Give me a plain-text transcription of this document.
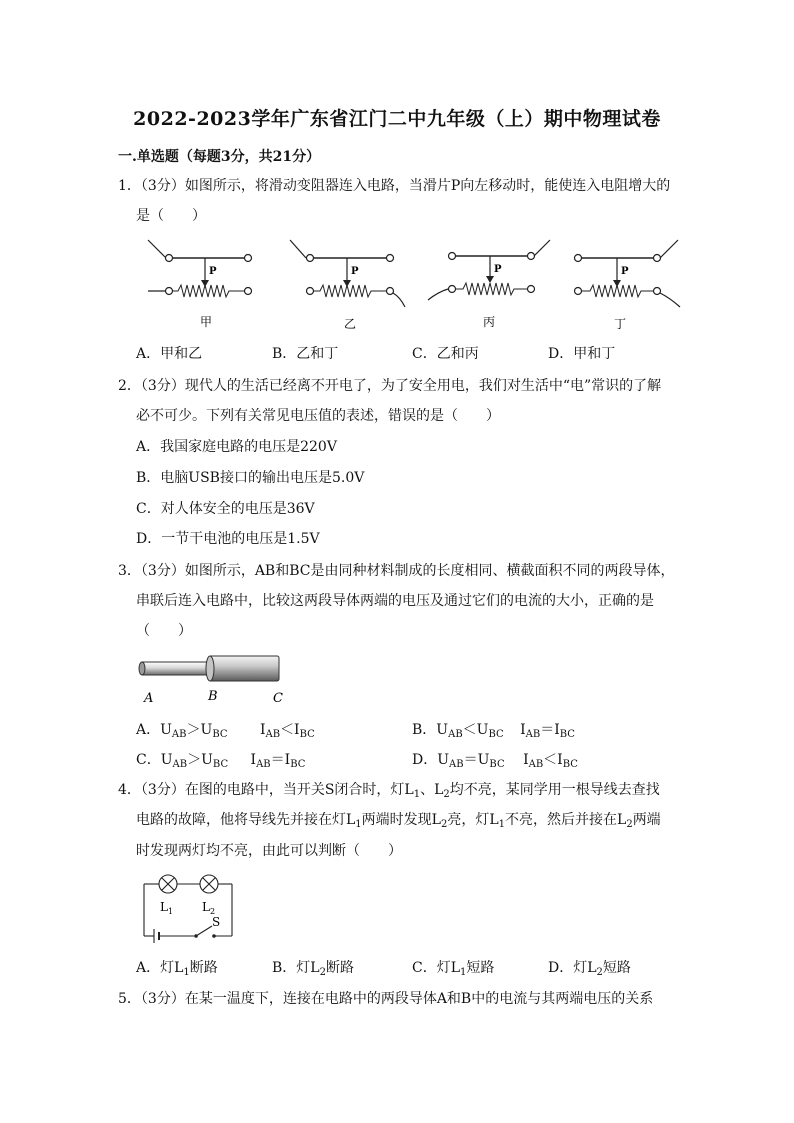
2022-2023学年广东省江门二中九年级（上）期中物理试卷
一.单选题（每题3分，共21分）
1．（3分）如图所示，将滑动变阻器连入电路，当滑片P向左移动时，能使连入电阻增大的
是（　　）
P
甲
P
乙
P
丙
P
丁
A．甲和乙	B．乙和丁	C．乙和丙	D．甲和丁
2．（3分）现代人的生活已经离不开电了，为了安全用电，我们对生活中“电”常识的了解
必不可少。下列有关常见电压值的表述，错误的是（　　）
A．我国家庭电路的电压是220V
B．电脑USB接口的输出电压是5.0V
C．对人体安全的电压是36V
D．一节干电池的电压是1.5V
3．（3分）如图所示，AB和BC是由同种材料制成的长度相同、横截面积不同的两段导体，
串联后连入电路中，比较这两段导体两端的电压及通过它们的电流的大小，正确的是
（　　）
A	B	C
A．$U_{AB}>U_{BC}$ $I_{AB}<I_{BC}$	B．$U_{AB}<U_{BC}$ $I_{AB}=I_{BC}$
C．$U_{AB}>U_{BC}$ $I_{AB}=I_{BC}$	D．$U_{AB}=U_{BC}$ $I_{AB}<I_{BC}$
4．（3分）在图的电路中，当开关S闭合时，灯$L_1$、$L_2$均不亮，某同学用一根导线去查找
电路的故障，他将导线先并接在灯$L_1$两端时发现$L_2$亮，灯$L_1$不亮，然后并接在$L_2$两端
时发现两灯均不亮，由此可以判断（　　）
$L_1$ $L_2$
S
A．灯$L_1$断路	B．灯$L_2$断路	C．灯$L_1$短路	D．灯$L_2$短路
5．（3分）在某一温度下，连接在电路中的两段导体A和B中的电流与其两端电压的关系
